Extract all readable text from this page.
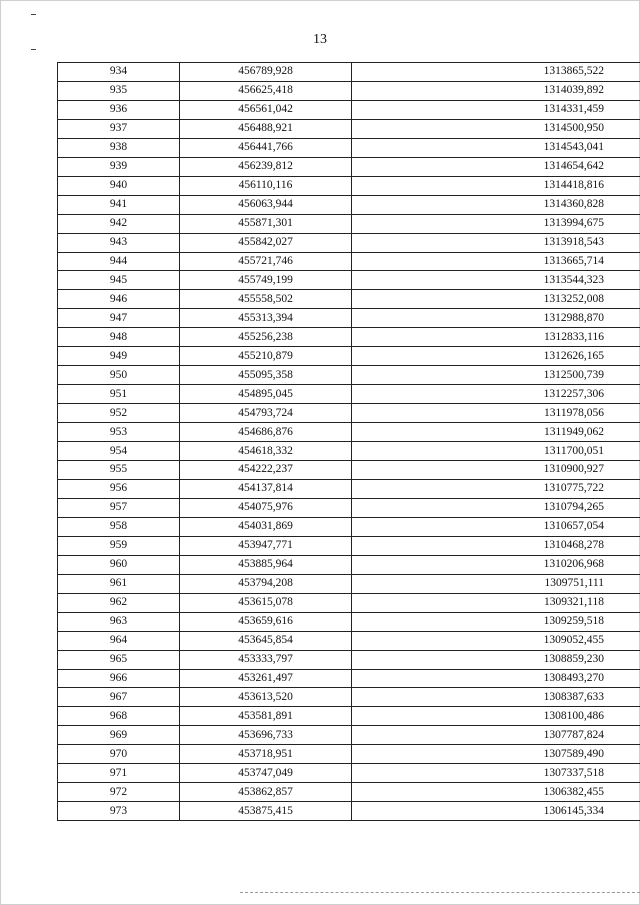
13
934	456789,928	1313865,522
935	456625,418	1314039,892
936	456561,042	1314331,459
937	456488,921	1314500,950
938	456441,766	1314543,041
939	456239,812	1314654,642
940	456110,116	1314418,816
941	456063,944	1314360,828
942	455871,301	1313994,675
943	455842,027	1313918,543
944	455721,746	1313665,714
945	455749,199	1313544,323
946	455558,502	1313252,008
947	455313,394	1312988,870
948	455256,238	1312833,116
949	455210,879	1312626,165
950	455095,358	1312500,739
951	454895,045	1312257,306
952	454793,724	1311978,056
953	454686,876	1311949,062
954	454618,332	1311700,051
955	454222,237	1310900,927
956	454137,814	1310775,722
957	454075,976	1310794,265
958	454031,869	1310657,054
959	453947,771	1310468,278
960	453885,964	1310206,968
961	453794,208	1309751,111
962	453615,078	1309321,118
963	453659,616	1309259,518
964	453645,854	1309052,455
965	453333,797	1308859,230
966	453261,497	1308493,270
967	453613,520	1308387,633
968	453581,891	1308100,486
969	453696,733	1307787,824
970	453718,951	1307589,490
971	453747,049	1307337,518
972	453862,857	1306382,455
973	453875,415	1306145,334
